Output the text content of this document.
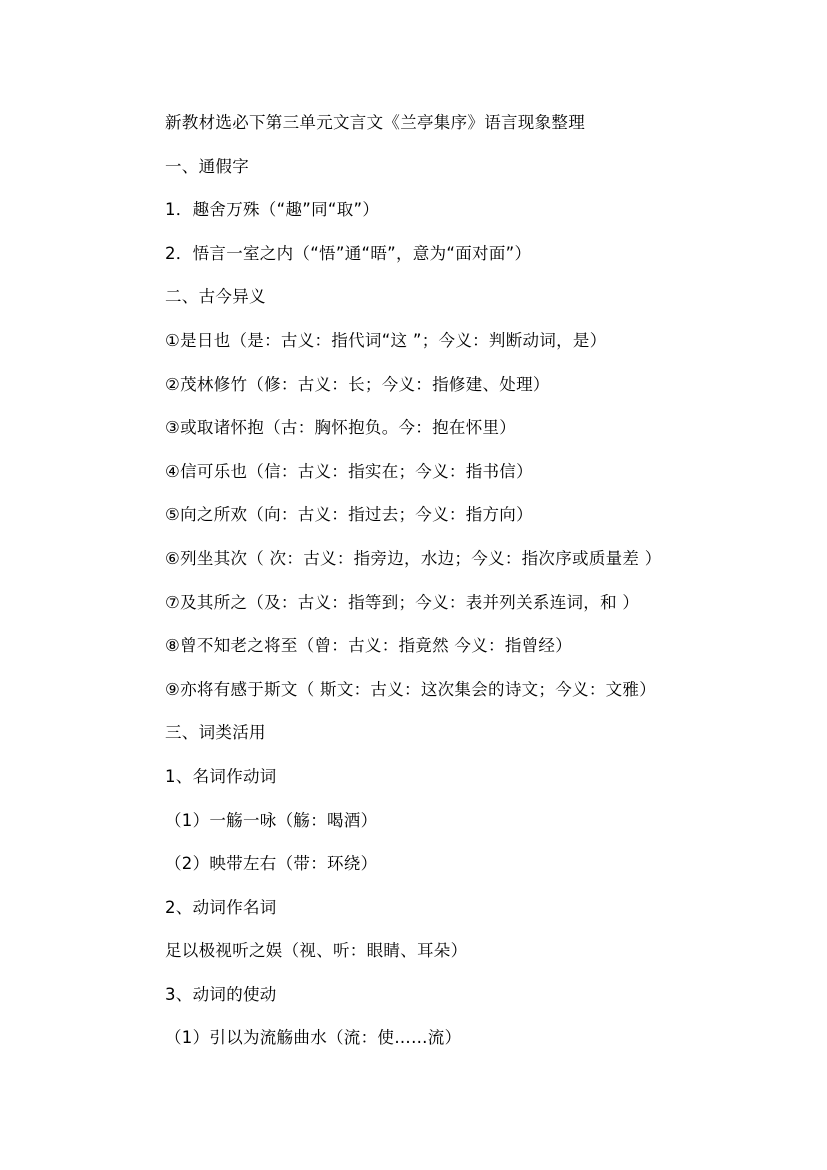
新教材选必下第三单元文言文《兰亭集序》语言现象整理
一、通假字
1．趣舍万殊（“趣”同“取”）
2．悟言一室之内（“悟”通“晤”，意为“面对面”）
二、古今异义
①是日也（是：古义：指代词“这 ”；今义：判断动词，是）
②茂林修竹（修：古义：长；今义：指修建、处理）
③或取诸怀抱（古：胸怀抱负。今：抱在怀里）
④信可乐也（信：古义：指实在；今义：指书信）
⑤向之所欢（向：古义：指过去；今义：指方向）
⑥列坐其次（ 次：古义：指旁边，水边；今义：指次序或质量差 ）
⑦及其所之（及：古义：指等到；今义：表并列关系连词，和 ）
⑧曾不知老之将至（曾：古义：指竟然 今义：指曾经）
⑨亦将有感于斯文（ 斯文：古义：这次集会的诗文；今义：文雅）
三、词类活用
1、名词作动词
（1）一觞一咏（觞：喝酒）
（2）映带左右（带：环绕）
2、动词作名词
足以极视听之娱（视、听：眼睛、耳朵）
3、动词的使动
（1）引以为流觞曲水（流：使……流）
